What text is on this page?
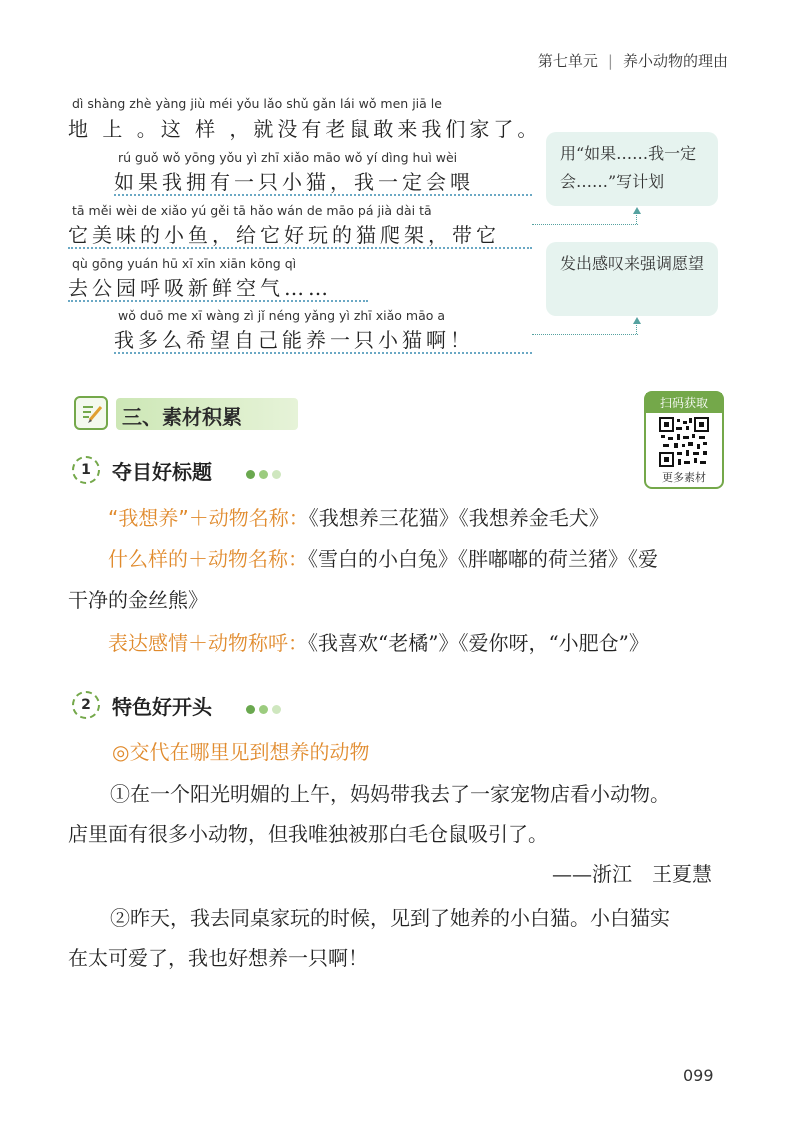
第七单元 | 养小动物的理由
dì shàng zhè yàng jiù méi yǒu lǎo shǔ gǎn lái wǒ men jiā le
地 上 。这 样 ，就没有老鼠敢来我们家了。
rú guǒ wǒ yōng yǒu yì zhī xiǎo māo wǒ yí dìng huì wèi
如果我拥有一只小猫，我一定会喂
tā měi wèi de xiǎo yú gěi tā hǎo wán de māo pá jià dài tā
它美味的小鱼，给它好玩的猫爬架，带它
qù gōng yuán hū xī xīn xiān kōng qì
去公园呼吸新鲜空气……
wǒ duō me xī wàng zì jǐ néng yǎng yì zhī xiǎo māo a
我多么希望自己能养一只小猫啊！
用“如果……我一定会……”写计划
发出感叹来强调愿望
三、素材积累
扫码获取
更多素材
1	夺目好标题
“我想养”＋动物名称：《我想养三花猫》《我想养金毛犬》
什么样的＋动物名称：《雪白的小白兔》《胖嘟嘟的荷兰猪》《爱
干净的金丝熊》
表达感情＋动物称呼：《我喜欢“老橘”》《爱你呀，“小肥仓”》
2	特色好开头
◎交代在哪里见到想养的动物
①在一个阳光明媚的上午，妈妈带我去了一家宠物店看小动物。
店里面有很多小动物，但我唯独被那白毛仓鼠吸引了。
——浙江　王夏慧
②昨天，我去同桌家玩的时候，见到了她养的小白猫。小白猫实
在太可爱了，我也好想养一只啊！
099
